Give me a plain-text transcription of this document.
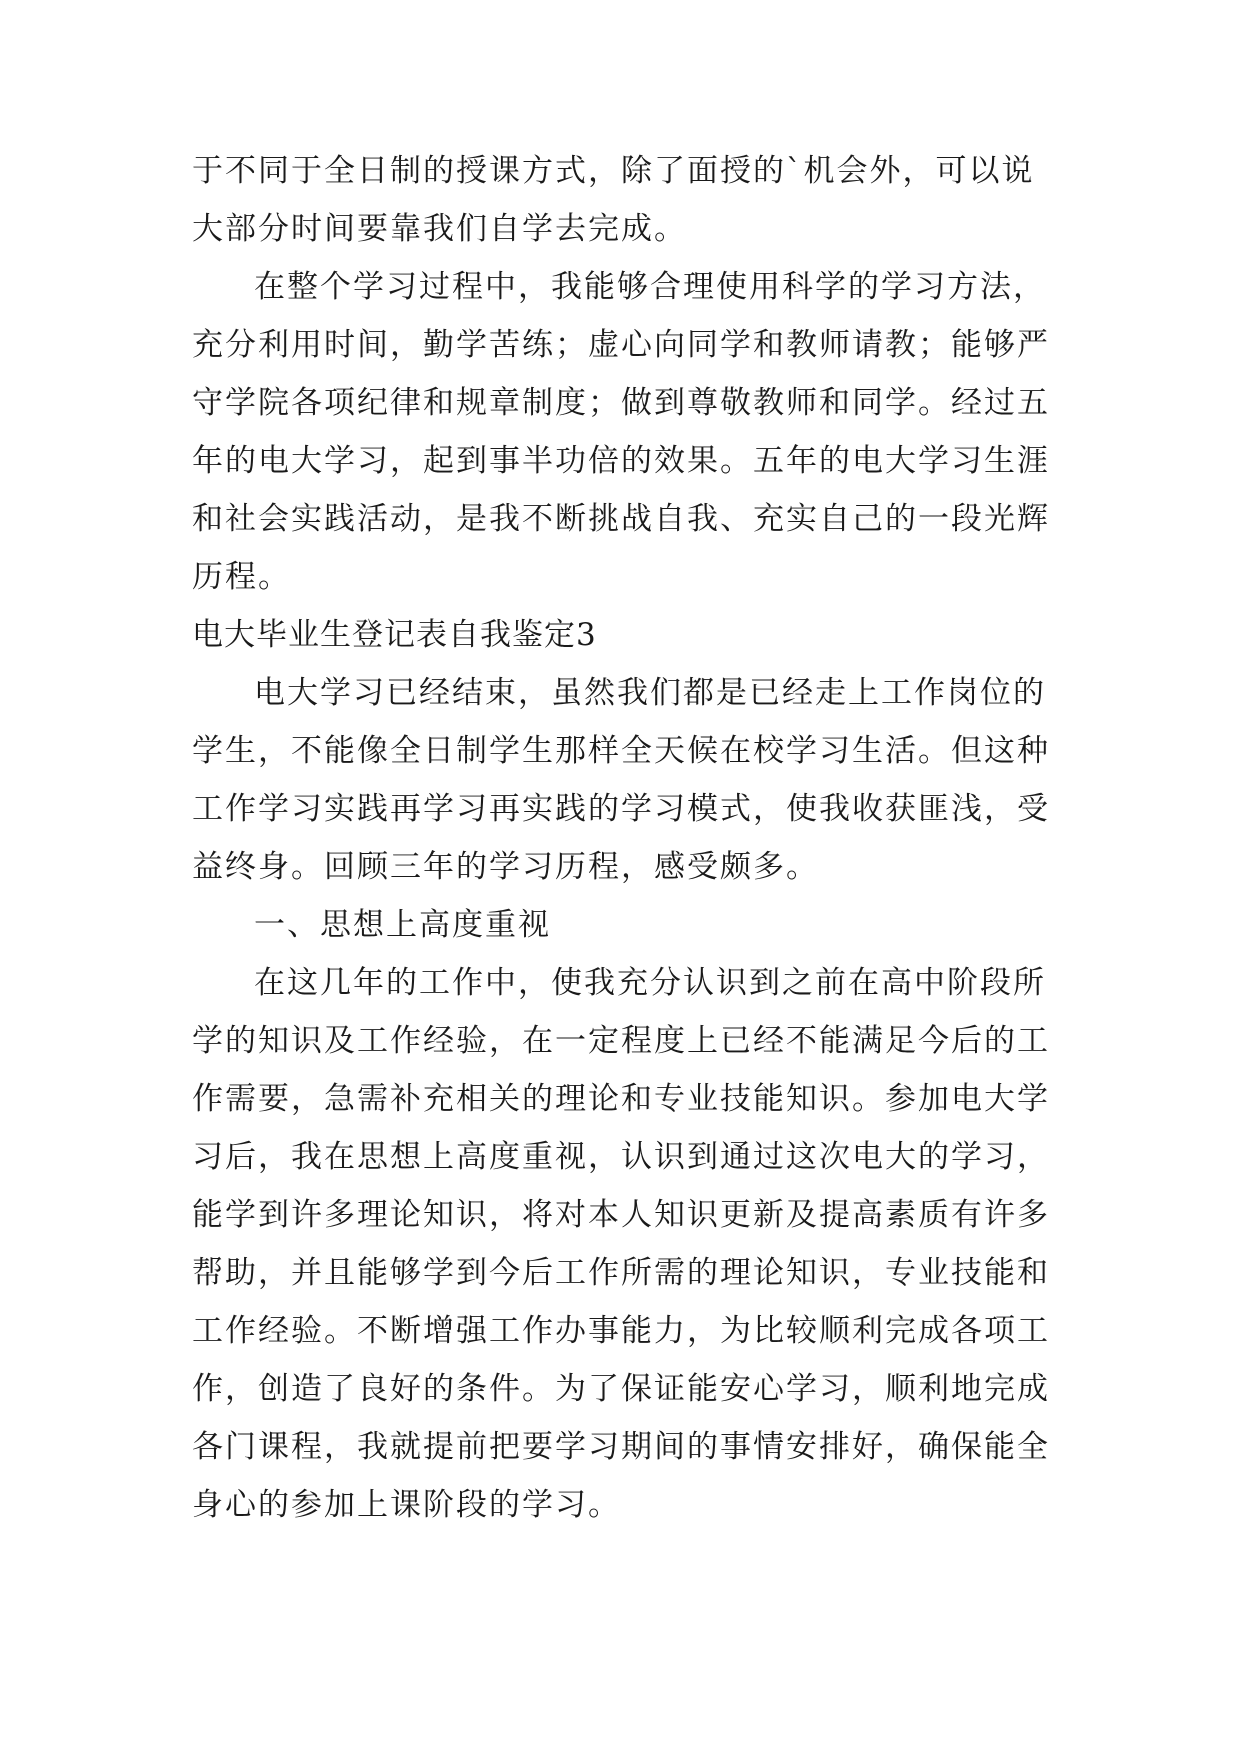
于不同于全日制的授课方式，除了面授的`机会外，可以说
大部分时间要靠我们自学去完成。
在整个学习过程中，我能够合理使用科学的学习方法，
充分利用时间，勤学苦练；虚心向同学和教师请教；能够严
守学院各项纪律和规章制度；做到尊敬教师和同学。经过五
年的电大学习，起到事半功倍的效果。五年的电大学习生涯
和社会实践活动，是我不断挑战自我、充实自己的一段光辉
历程。
电大毕业生登记表自我鉴定3
电大学习已经结束，虽然我们都是已经走上工作岗位的
学生，不能像全日制学生那样全天候在校学习生活。但这种
工作学习实践再学习再实践的学习模式，使我收获匪浅，受
益终身。回顾三年的学习历程，感受颇多。
一、思想上高度重视
在这几年的工作中，使我充分认识到之前在高中阶段所
学的知识及工作经验，在一定程度上已经不能满足今后的工
作需要，急需补充相关的理论和专业技能知识。参加电大学
习后，我在思想上高度重视，认识到通过这次电大的学习，
能学到许多理论知识，将对本人知识更新及提高素质有许多
帮助，并且能够学到今后工作所需的理论知识，专业技能和
工作经验。不断增强工作办事能力，为比较顺利完成各项工
作，创造了良好的条件。为了保证能安心学习，顺利地完成
各门课程，我就提前把要学习期间的事情安排好，确保能全
身心的参加上课阶段的学习。
